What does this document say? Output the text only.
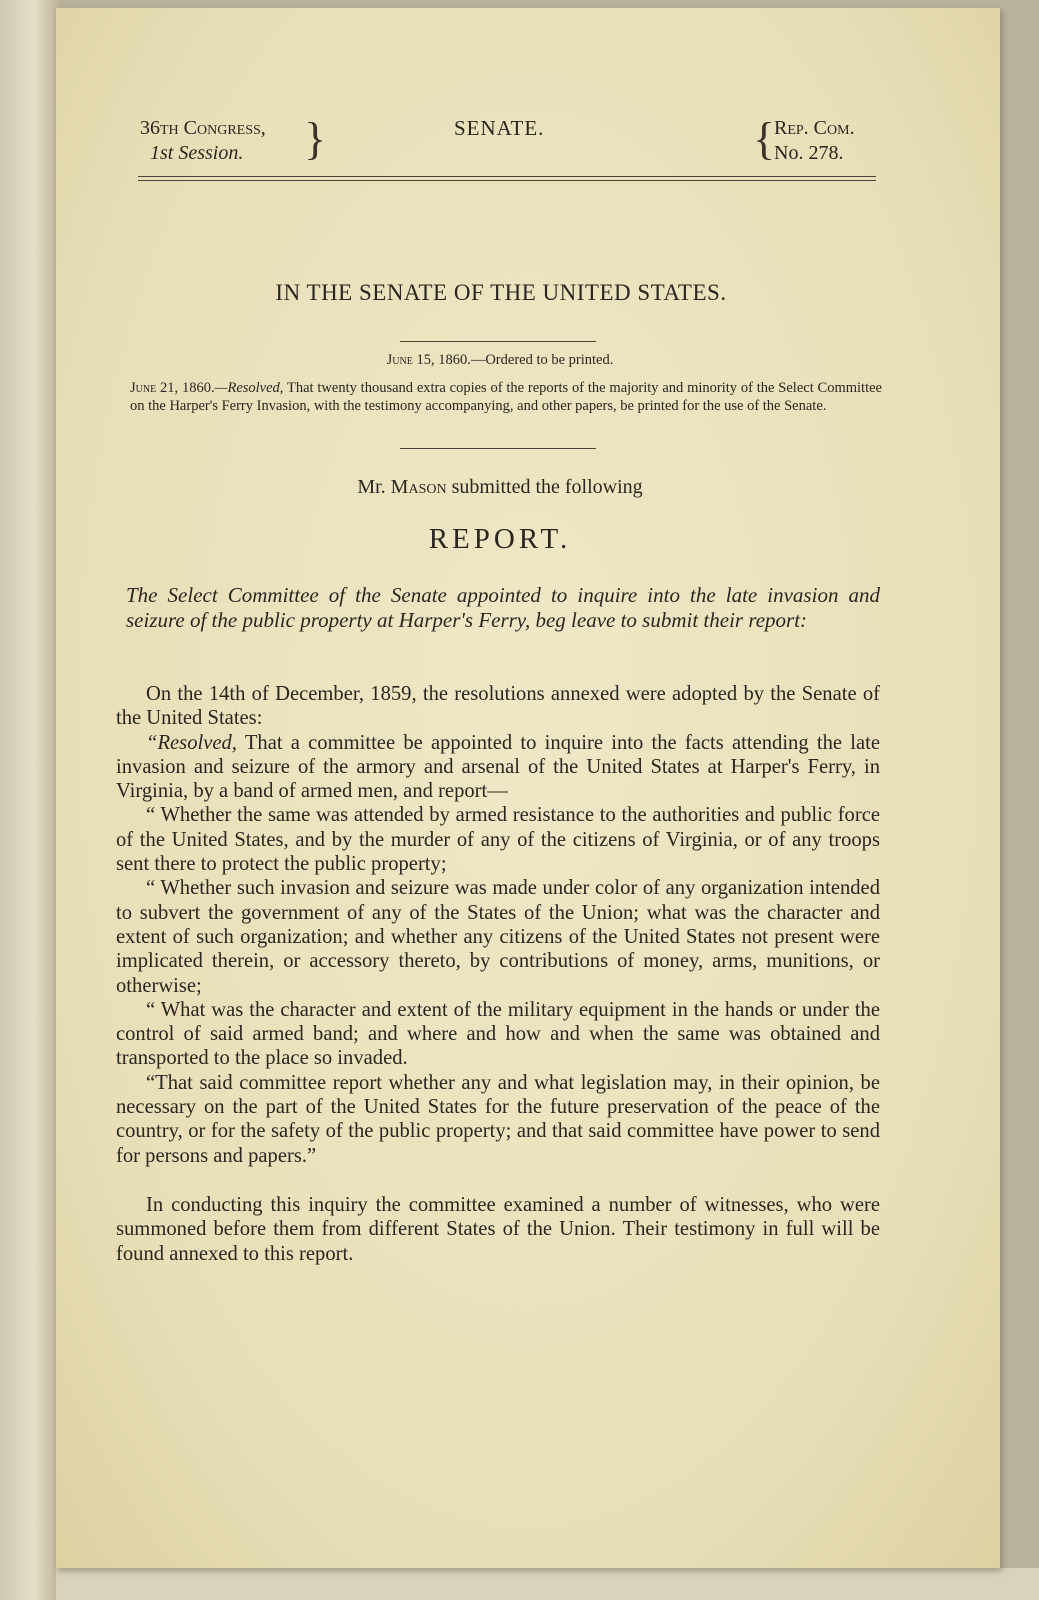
36th Congress,
1st Session.	}	SENATE.	{
Rep. Com.
No. 278.
IN THE SENATE OF THE UNITED STATES.
June 15, 1860.—Ordered to be printed.
June 21, 1860.—Resolved, That twenty thousand extra copies of the reports of the majority and minority of the Select Committee on the Harper's Ferry Invasion, with the testimony accompanying, and other papers, be printed for the use of the Senate.
Mr. Mason submitted the following
REPORT.
The Select Committee of the Senate appointed to inquire into the late invasion and seizure of the public property at Harper's Ferry, beg leave to submit their report:

On the 14th of December, 1859, the resolutions annexed were adopted by the Senate of the United States:

“Resolved, That a committee be appointed to inquire into the facts attending the late invasion and seizure of the armory and arsenal of the United States at Harper's Ferry, in Virginia, by a band of armed men, and report—

“ Whether the same was attended by armed resistance to the authorities and public force of the United States, and by the murder of any of the citizens of Virginia, or of any troops sent there to protect the public property;

“ Whether such invasion and seizure was made under color of any organization intended to subvert the government of any of the States of the Union; what was the character and extent of such organization; and whether any citizens of the United States not present were implicated therein, or accessory thereto, by contributions of money, arms, munitions, or otherwise;

“ What was the character and extent of the military equipment in the hands or under the control of said armed band; and where and how and when the same was obtained and transported to the place so invaded.

“That said committee report whether any and what legislation may, in their opinion, be necessary on the part of the United States for the future preservation of the peace of the country, or for the safety of the public property; and that said committee have power to send for persons and papers.”

In conducting this inquiry the committee examined a number of witnesses, who were summoned before them from different States of the Union. Their testimony in full will be found annexed to this report.
